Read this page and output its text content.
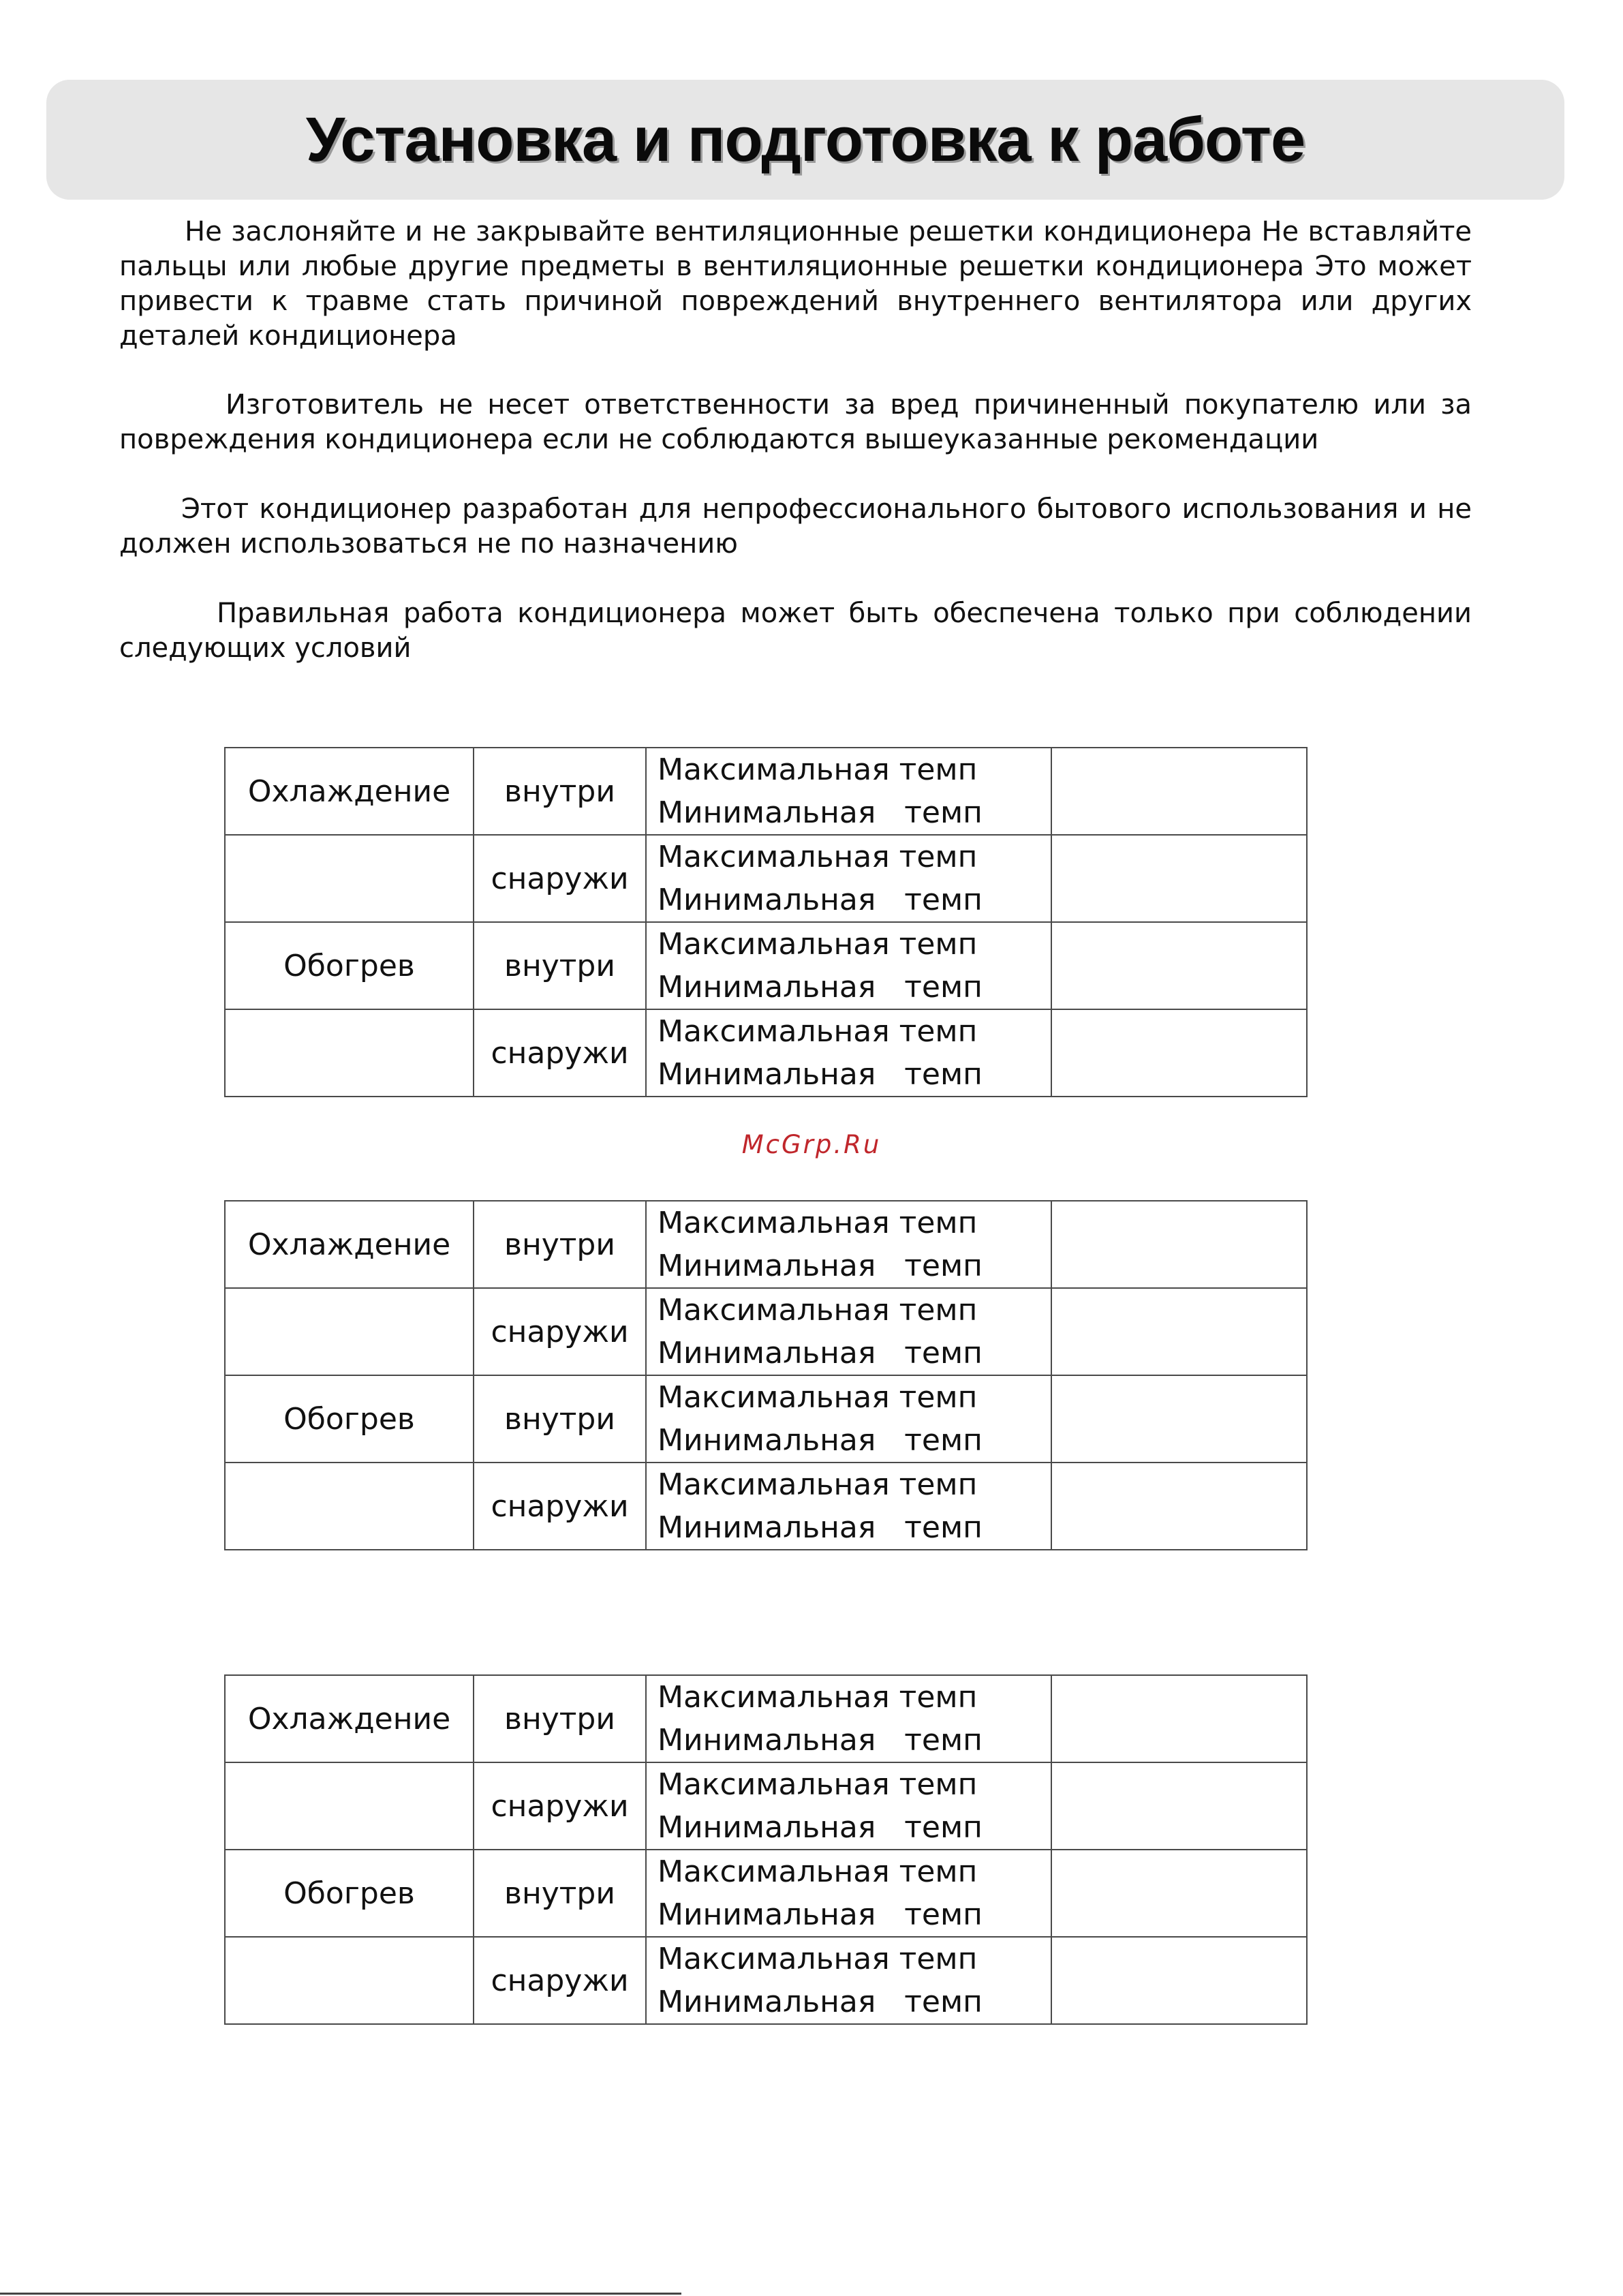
Установка и подготовка к работе

Не заслоняйте и не закрывайте вентиляционные решетки кондиционера Не вставляйте пальцы или любые другие предметы в вентиляционные решетки кондиционера Это может привести к травме стать причиной повреждений внутреннего вентилятора или других деталей кондиционера

Изготовитель не несет ответственности за вред причиненный покупателю или за повреждения кондиционера если не соблюдаются вышеуказанные рекомендации

Этот кондиционер разработан для непрофессионального бытового использования и не должен использоваться не по назначению

Правильная работа кондиционера может быть обеспечена только при соблюдении следующих условий

McGrp.Ru
Охлаждение	внутри	Максимальная темп
Минимальная   темп	

	снаружи	Максимальная темп
Минимальная   темп	

Обогрев	внутри	Максимальная темп
Минимальная   темп	

	снаружи	Максимальная темп
Минимальная   темп	

Охлаждение	внутри	Максимальная темп
Минимальная   темп	

	снаружи	Максимальная темп
Минимальная   темп	

Обогрев	внутри	Максимальная темп
Минимальная   темп	

	снаружи	Максимальная темп
Минимальная   темп	

Охлаждение	внутри	Максимальная темп
Минимальная   темп	

	снаружи	Максимальная темп
Минимальная   темп	

Обогрев	внутри	Максимальная темп
Минимальная   темп	

	снаружи	Максимальная темп
Минимальная   темп	
